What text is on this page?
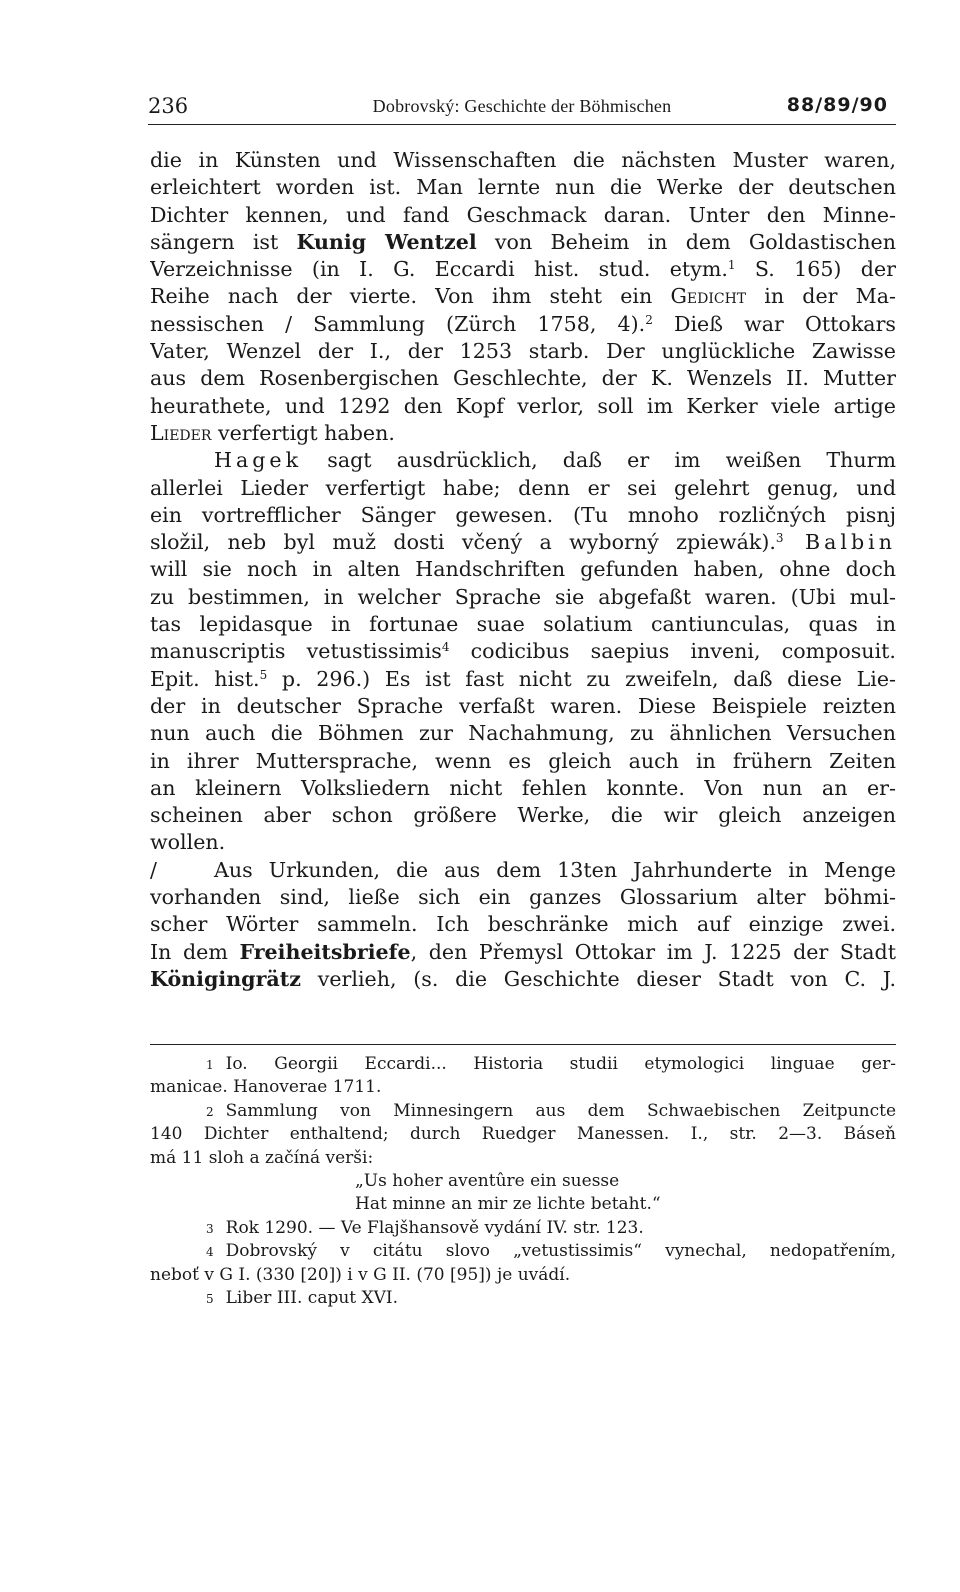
236	Dobrovský: Geschichte der Böhmischen	88/89/90
die in Künsten und Wissenschaften die nächsten Muster waren,
erleichtert worden ist. Man lernte nun die Werke der deutschen
Dichter kennen, und fand Geschmack daran. Unter den Minne-
sängern ist Kunig Wentzel von Beheim in dem Goldastischen
Verzeichnisse (in I. G. Eccardi hist. stud. etym.$^1$ S. 165) der
Reihe nach der vierte. Von ihm steht ein Gedicht in der Ma-
nessischen / Sammlung (Zürch 1758, 4).$^2$ Dieß war Ottokars
Vater, Wenzel der I., der 1253 starb. Der unglückliche Zawisse
aus dem Rosenbergischen Geschlechte, der K. Wenzels II. Mutter
heurathete, und 1292 den Kopf verlor, soll im Kerker viele artige
Lieder verfertigt haben.
Hagek sagt ausdrücklich, daß er im weißen Thurm
allerlei Lieder verfertigt habe; denn er sei gelehrt genug, und
ein vortrefflicher Sänger gewesen. (Tu mnoho rozličných pisnj
složil, neb byl muž dosti včený a wyborný zpiewák).$^3$ Balbin
will sie noch in alten Handschriften gefunden haben, ohne doch
zu bestimmen, in welcher Sprache sie abgefaßt waren. (Ubi mul-
tas lepidasque in fortunae suae solatium cantiunculas, quas in
manuscriptis vetustissimis$^4$ codicibus saepius inveni, composuit.
Epit. hist.$^5$ p. 296.) Es ist fast nicht zu zweifeln, daß diese Lie-
der in deutscher Sprache verfaßt waren. Diese Beispiele reizten
nun auch die Böhmen zur Nachahmung, zu ähnlichen Versuchen
in ihrer Muttersprache, wenn es gleich auch in frühern Zeiten
an kleinern Volksliedern nicht fehlen konnte. Von nun an er-
scheinen aber schon größere Werke, die wir gleich anzeigen
wollen.
/	Aus Urkunden, die aus dem 13ten Jahrhunderte in Menge
vorhanden sind, ließe sich ein ganzes Glossarium alter böhmi-
scher Wörter sammeln. Ich beschränke mich auf einzige zwei.
In dem Freiheitsbriefe, den Přemysl Ottokar im J. 1225 der Stadt
Königingrätz verlieh, (s. die Geschichte dieser Stadt von C. J.
1 Io. Georgii Eccardi... Historia studii etymologici linguae ger-
manicae. Hanoverae 1711.
2 Sammlung von Minnesingern aus dem Schwaebischen Zeitpuncte
140 Dichter enthaltend; durch Ruedger Manessen. I., str. 2—3. Báseň
má 11 sloh a začíná verši:
„Us hoher aventûre ein suesse
Hat minne an mir ze lichte betaht.“
3 Rok 1290. — Ve Flajšhansově vydání IV. str. 123.
4 Dobrovský v citátu slovo „vetustissimis“ vynechal, nedopatřením,
neboť v G I. (330 [20]) i v G II. (70 [95]) je uvádí.
5 Liber III. caput XVI.
